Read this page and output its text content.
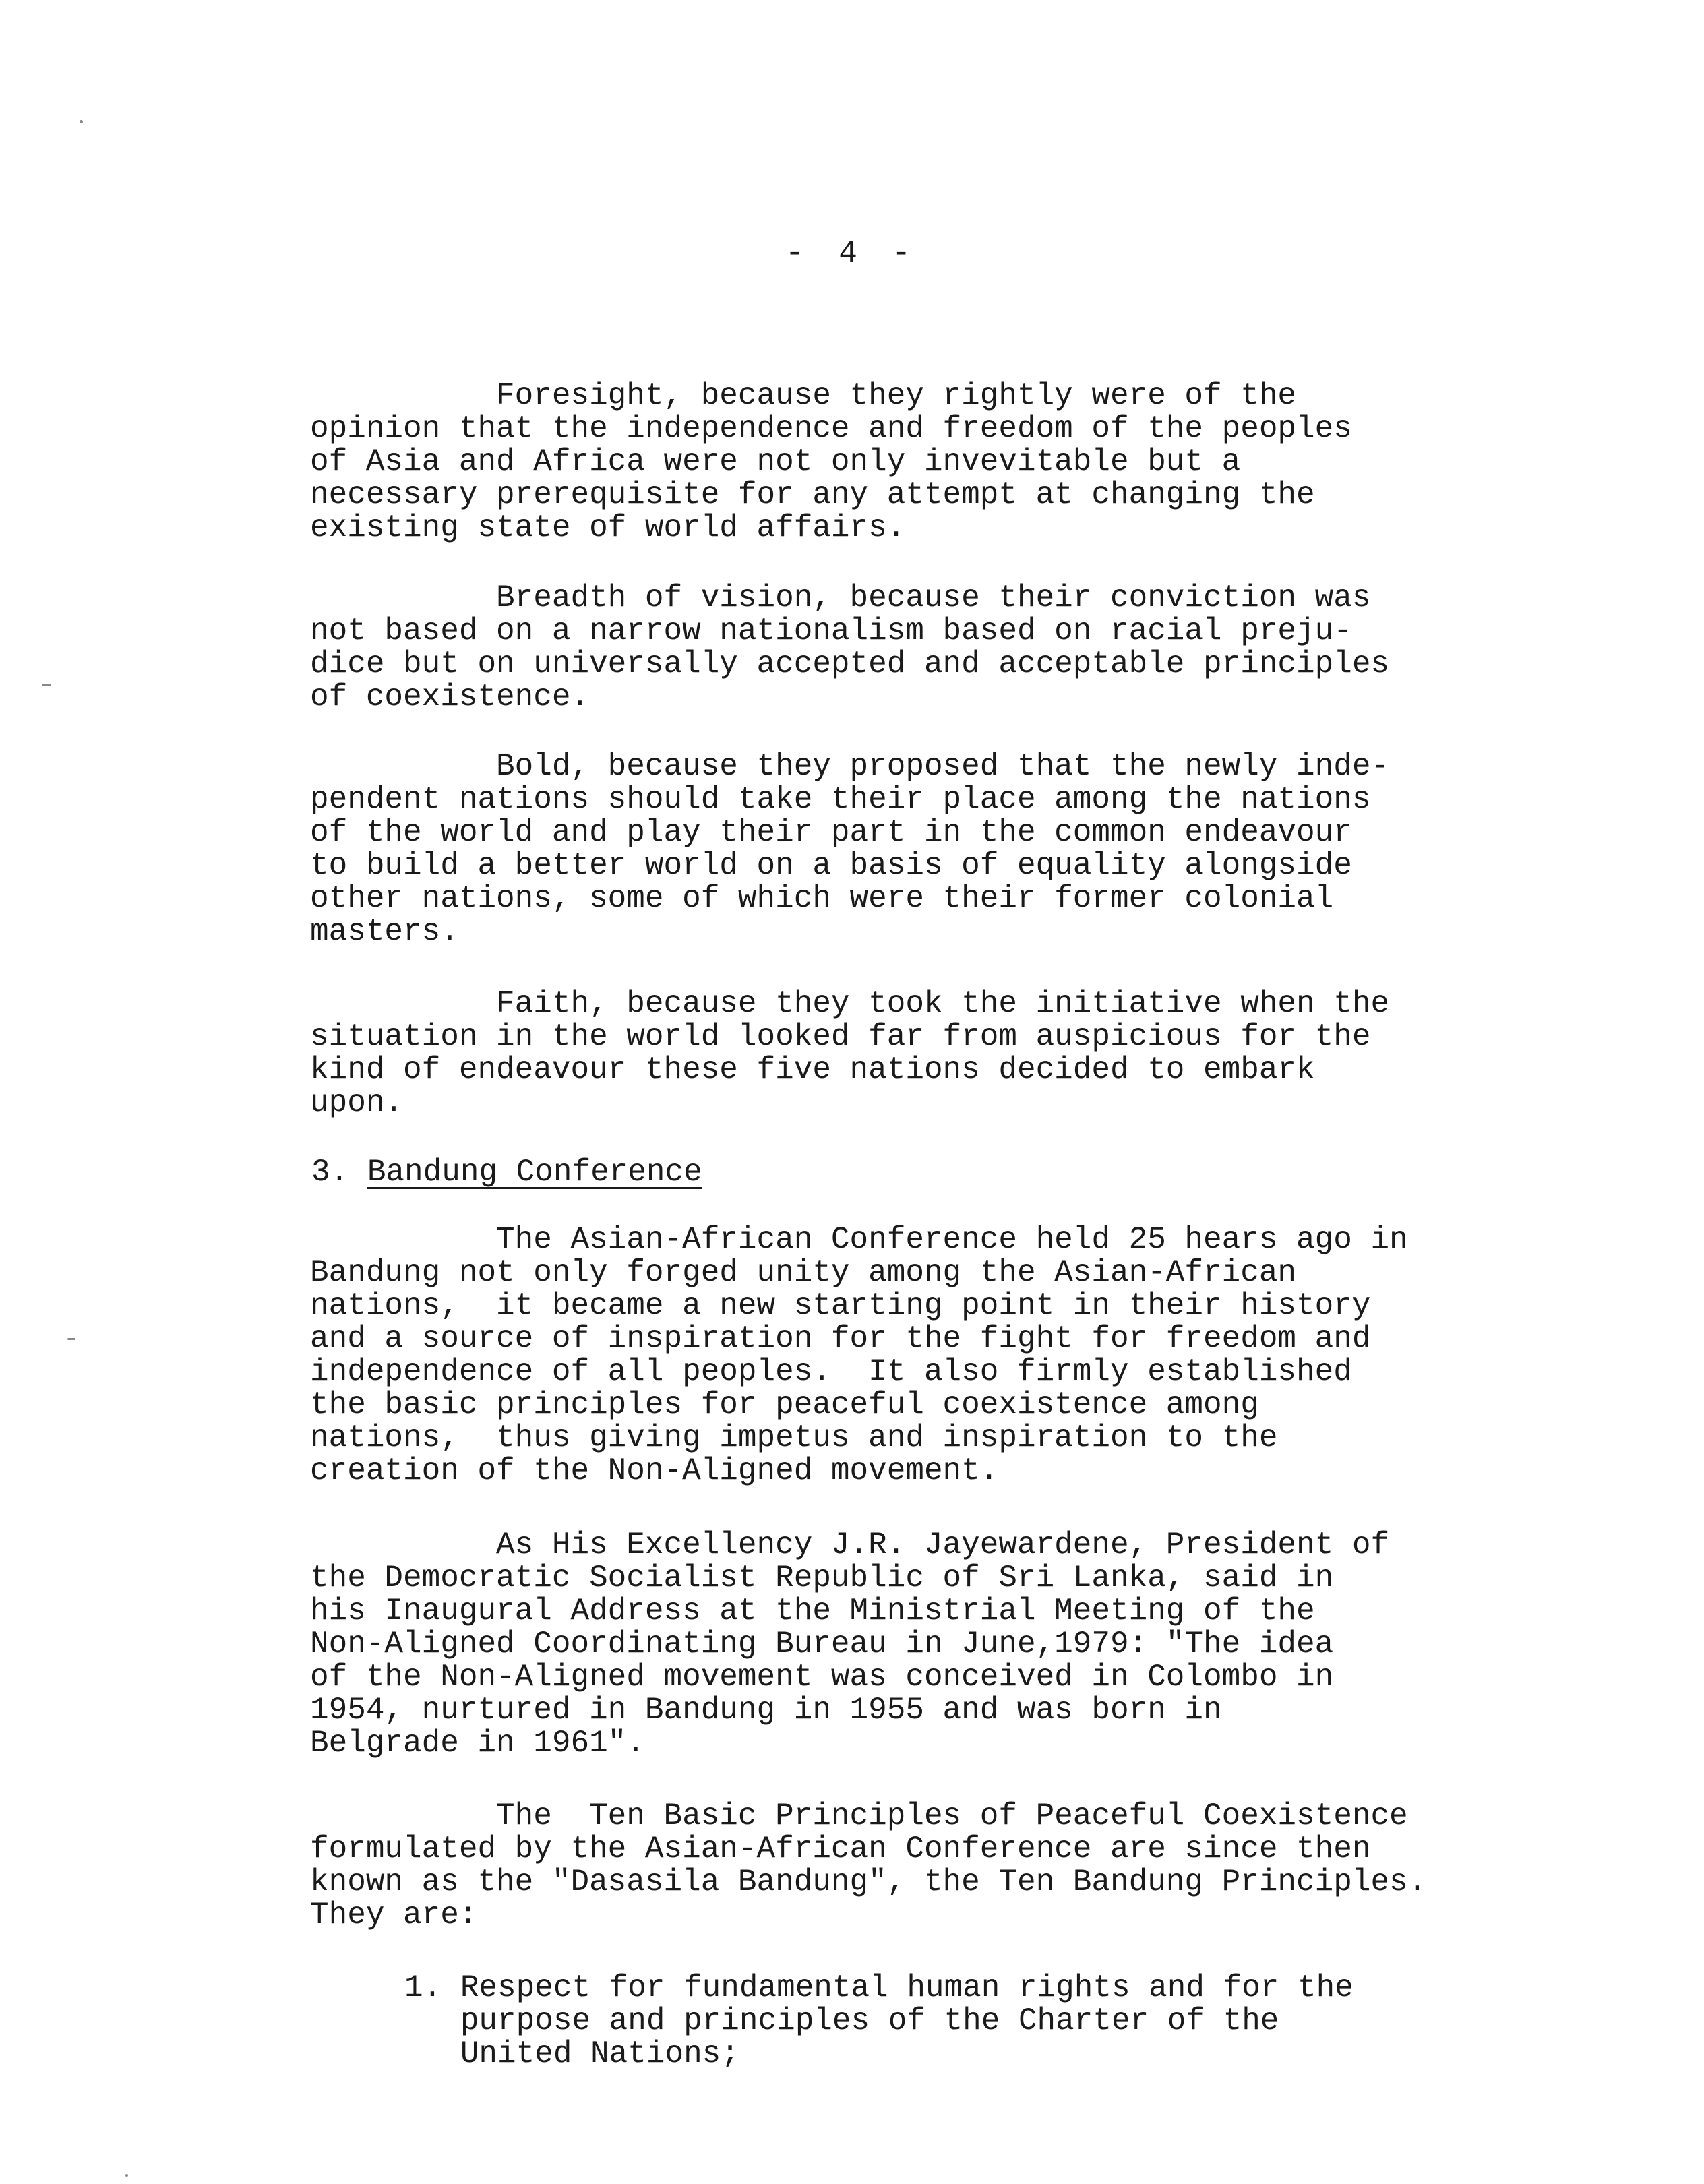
- 4 -

Foresight, because they rightly were of the
opinion that the independence and freedom of the peoples
of Asia and Africa were not only invevitable but a
necessary prerequisite for any attempt at changing the
existing state of world affairs.

Breadth of vision, because their conviction was
not based on a narrow nationalism based on racial preju-
dice but on universally accepted and acceptable principles
of coexistence.

Bold, because they proposed that the newly inde-
pendent nations should take their place among the nations
of the world and play their part in the common endeavour
to build a better world on a basis of equality alongside
other nations, some of which were their former colonial
masters.

Faith, because they took the initiative when the
situation in the world looked far from auspicious for the
kind of endeavour these five nations decided to embark
upon.

3. Bandung Conference

The Asian-African Conference held 25 hears ago in
Bandung not only forged unity among the Asian-African
nations,  it became a new starting point in their history
and a source of inspiration for the fight for freedom and
independence of all peoples.  It also firmly established
the basic principles for peaceful coexistence among
nations,  thus giving impetus and inspiration to the
creation of the Non-Aligned movement.

As His Excellency J.R. Jayewardene, President of
the Democratic Socialist Republic of Sri Lanka, said in
his Inaugural Address at the Ministrial Meeting of the
Non-Aligned Coordinating Bureau in June,1979: "The idea
of the Non-Aligned movement was conceived in Colombo in
1954, nurtured in Bandung in 1955 and was born in
Belgrade in 1961".

The  Ten Basic Principles of Peaceful Coexistence
formulated by the Asian-African Conference are since then
known as the "Dasasila Bandung", the Ten Bandung Principles.
They are:

1. Respect for fundamental human rights and for the
purpose and principles of the Charter of the
United Nations;
